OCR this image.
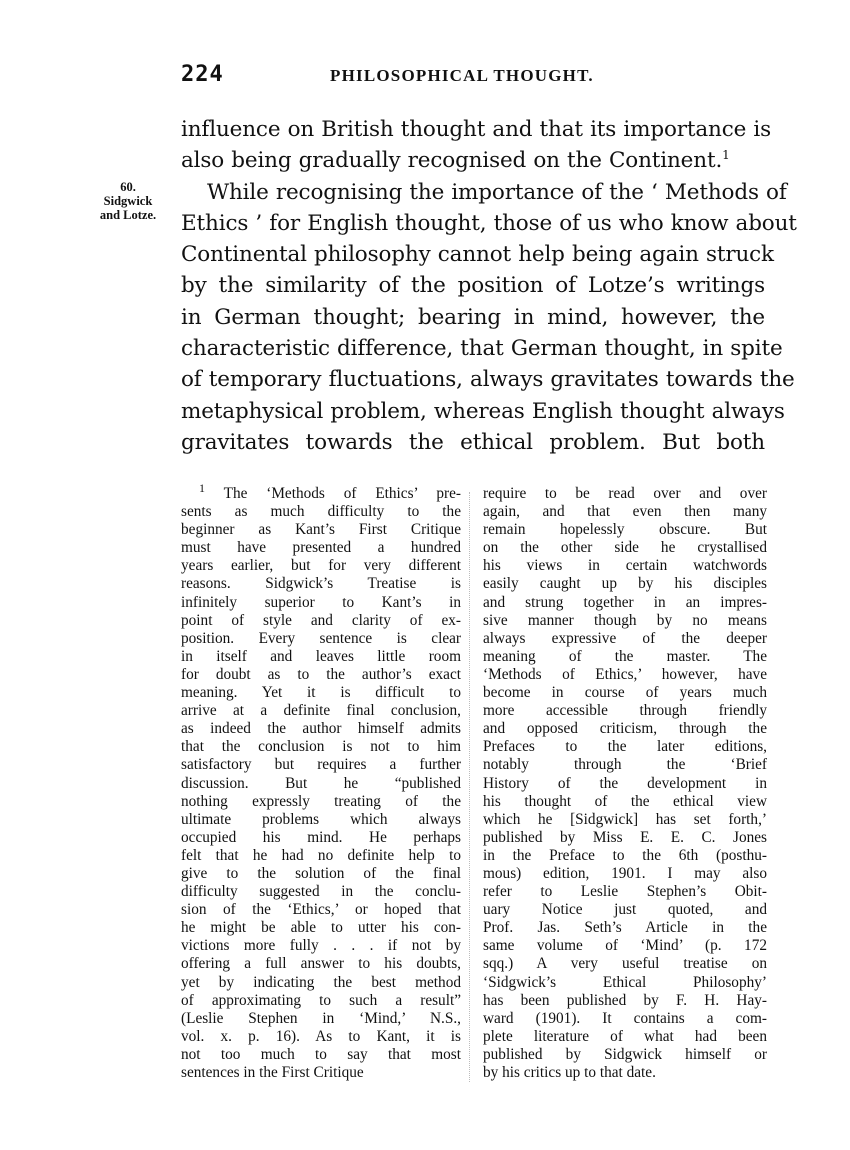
224	PHILOSOPHICAL THOUGHT.
60.
Sidgwick
and Lotze.
influence on British thought and that its importance is
also being gradually recognised on the Continent.$^1$
While recognising the importance of the ‘ Methods of
Ethics ’ for English thought, those of us who know about
Continental philosophy cannot help being again struck
by the similarity of the position of Lotze’s writings
in German thought; bearing in mind, however, the
characteristic difference, that German thought, in spite
of temporary fluctuations, always gravitates towards the
metaphysical problem, whereas English thought always
gravitates towards the ethical problem. But both
$^1$ The ‘Methods of Ethics’ pre-
sents as much difficulty to the
beginner as Kant’s First Critique
must have presented a hundred
years earlier, but for very different
reasons. Sidgwick’s Treatise is
infinitely superior to Kant’s in
point of style and clarity of ex-
position. Every sentence is clear
in itself and leaves little room
for doubt as to the author’s exact
meaning. Yet it is difficult to
arrive at a definite final conclusion,
as indeed the author himself admits
that the conclusion is not to him
satisfactory but requires a further
discussion. But he “published
nothing expressly treating of the
ultimate problems which always
occupied his mind. He perhaps
felt that he had no definite help to
give to the solution of the final
difficulty suggested in the conclu-
sion of the ‘Ethics,’ or hoped that
he might be able to utter his con-
victions more fully . . . if not by
offering a full answer to his doubts,
yet by indicating the best method
of approximating to such a result”
(Leslie Stephen in ‘Mind,’ N.S.,
vol. x. p. 16). As to Kant, it is
not too much to say that most
sentences in the First Critique
require to be read over and over
again, and that even then many
remain hopelessly obscure. But
on the other side he crystallised
his views in certain watchwords
easily caught up by his disciples
and strung together in an impres-
sive manner though by no means
always expressive of the deeper
meaning of the master. The
‘Methods of Ethics,’ however, have
become in course of years much
more accessible through friendly
and opposed criticism, through the
Prefaces to the later editions,
notably through the ‘Brief
History of the development in
his thought of the ethical view
which he [Sidgwick] has set forth,’
published by Miss E. E. C. Jones
in the Preface to the 6th (posthu-
mous) edition, 1901. I may also
refer to Leslie Stephen’s Obit-
uary Notice just quoted, and
Prof. Jas. Seth’s Article in the
same volume of ‘Mind’ (p. 172
sqq.) A very useful treatise on
‘Sidgwick’s Ethical Philosophy’
has been published by F. H. Hay-
ward (1901). It contains a com-
plete literature of what had been
published by Sidgwick himself or
by his critics up to that date.
